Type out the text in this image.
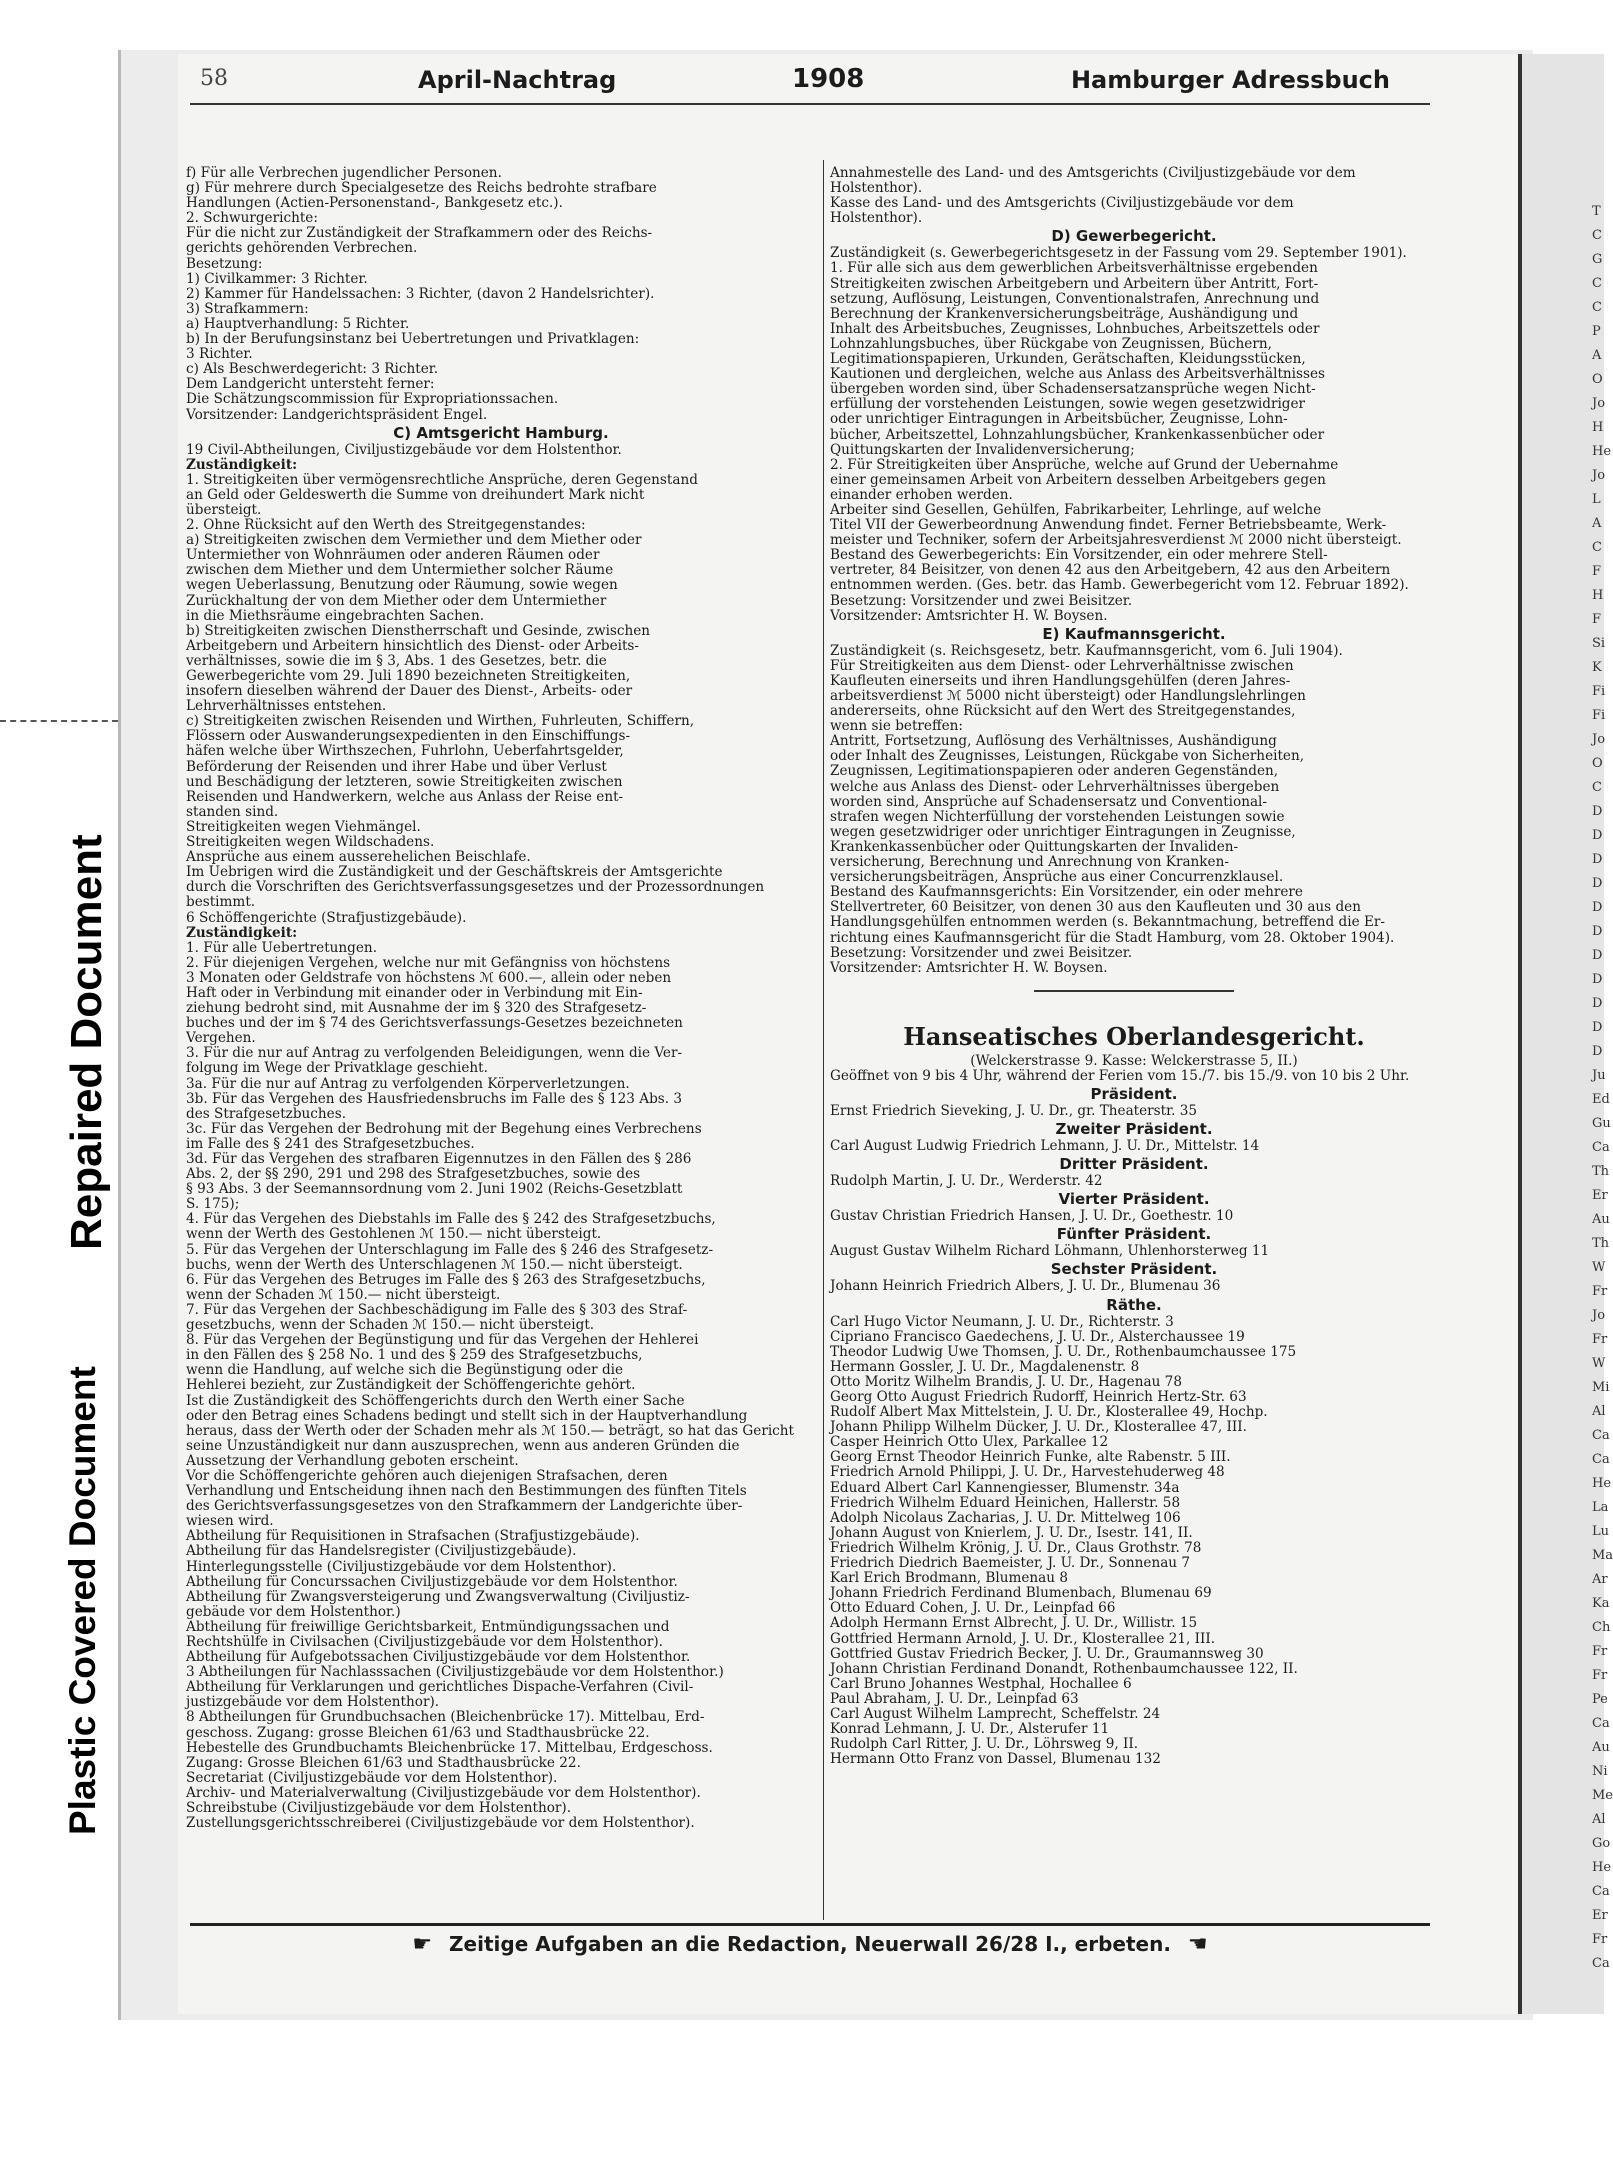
Repaired Document
Plastic Covered Document
T
C
G
C
C
P
A
O
Jo
H
He
Jo
L
A
C
F
H
F
Si
K
Fi
Fi
Jo
O
C
D
D
D
D
D
D
D
D
D
D
D
Ju
Ed
Gu
Ca
Th
Er
Au
Th
W
Fr
Jo
Fr
W
Mi
Al
Ca
Ca
He
La
Lu
Ma
Ar
Ka
Ch
Fr
Fr
Pe
Ca
Au
Ni
Me
Al
Go
He
Ca
Er
Fr
Ca
58	April-Nachtrag	1908	Hamburger Adressbuch
f) Für alle Verbrechen jugendlicher Personen.
g) Für mehrere durch Specialgesetze des Reichs bedrohte strafbare
Handlungen (Actien-Personenstand-, Bankgesetz etc.).
2. Schwurgerichte:
Für die nicht zur Zuständigkeit der Strafkammern oder des Reichs-
gerichts gehörenden Verbrechen.
Besetzung:
1) Civilkammer: 3 Richter.
2) Kammer für Handelssachen: 3 Richter, (davon 2 Handelsrichter).
3) Strafkammern:
a) Hauptverhandlung: 5 Richter.
b) In der Berufungsinstanz bei Uebertretungen und Privatklagen:
3 Richter.
c) Als Beschwerdegericht: 3 Richter.
Dem Landgericht untersteht ferner:
Die Schätzungscommission für Expropriationssachen.
Vorsitzender: Landgerichtspräsident Engel.
C) Amtsgericht Hamburg.
19 Civil-Abtheilungen, Civiljustizgebäude vor dem Holstenthor.
Zuständigkeit:
1. Streitigkeiten über vermögensrechtliche Ansprüche, deren Gegenstand
an Geld oder Geldeswerth die Summe von dreihundert Mark nicht
übersteigt.
2. Ohne Rücksicht auf den Werth des Streitgegenstandes:
a) Streitigkeiten zwischen dem Vermiether und dem Miether oder
Untermiether von Wohnräumen oder anderen Räumen oder
zwischen dem Miether und dem Untermiether solcher Räume
wegen Ueberlassung, Benutzung oder Räumung, sowie wegen
Zurückhaltung der von dem Miether oder dem Untermiether
in die Miethsräume eingebrachten Sachen.
b) Streitigkeiten zwischen Dienstherrschaft und Gesinde, zwischen
Arbeitgebern und Arbeitern hinsichtlich des Dienst- oder Arbeits-
verhältnisses, sowie die im § 3, Abs. 1 des Gesetzes, betr. die
Gewerbegerichte vom 29. Juli 1890 bezeichneten Streitigkeiten,
insofern dieselben während der Dauer des Dienst-, Arbeits- oder
Lehrverhältnisses entstehen.
c) Streitigkeiten zwischen Reisenden und Wirthen, Fuhrleuten, Schiffern,
Flössern oder Auswanderungsexpedienten in den Einschiffungs-
häfen welche über Wirthszechen, Fuhrlohn, Ueberfahrtsgelder,
Beförderung der Reisenden und ihrer Habe und über Verlust
und Beschädigung der letzteren, sowie Streitigkeiten zwischen
Reisenden und Handwerkern, welche aus Anlass der Reise ent-
standen sind.
Streitigkeiten wegen Viehmängel.
Streitigkeiten wegen Wildschadens.
Ansprüche aus einem ausserehelichen Beischlafe.
Im Uebrigen wird die Zuständigkeit und der Geschäftskreis der Amtsgerichte
durch die Vorschriften des Gerichtsverfassungsgesetzes und der Prozessordnungen
bestimmt.
6 Schöffengerichte (Strafjustizgebäude).
Zuständigkeit:
1. Für alle Uebertretungen.
2. Für diejenigen Vergehen, welche nur mit Gefängniss von höchstens
3 Monaten oder Geldstrafe von höchstens ℳ 600.—, allein oder neben
Haft oder in Verbindung mit einander oder in Verbindung mit Ein-
ziehung bedroht sind, mit Ausnahme der im § 320 des Strafgesetz-
buches und der im § 74 des Gerichtsverfassungs-Gesetzes bezeichneten
Vergehen.
3. Für die nur auf Antrag zu verfolgenden Beleidigungen, wenn die Ver-
folgung im Wege der Privatklage geschieht.
3a. Für die nur auf Antrag zu verfolgenden Körperverletzungen.
3b. Für das Vergehen des Hausfriedensbruchs im Falle des § 123 Abs. 3
des Strafgesetzbuches.
3c. Für das Vergehen der Bedrohung mit der Begehung eines Verbrechens
im Falle des § 241 des Strafgesetzbuches.
3d. Für das Vergehen des strafbaren Eigennutzes in den Fällen des § 286
Abs. 2, der §§ 290, 291 und 298 des Strafgesetzbuches, sowie des
§ 93 Abs. 3 der Seemannsordnung vom 2. Juni 1902 (Reichs-Gesetzblatt
S. 175);
4. Für das Vergehen des Diebstahls im Falle des § 242 des Strafgesetzbuchs,
wenn der Werth des Gestohlenen ℳ 150.— nicht übersteigt.
5. Für das Vergehen der Unterschlagung im Falle des § 246 des Strafgesetz-
buchs, wenn der Werth des Unterschlagenen ℳ 150.— nicht übersteigt.
6. Für das Vergehen des Betruges im Falle des § 263 des Strafgesetzbuchs,
wenn der Schaden ℳ 150.— nicht übersteigt.
7. Für das Vergehen der Sachbeschädigung im Falle des § 303 des Straf-
gesetzbuchs, wenn der Schaden ℳ 150.— nicht übersteigt.
8. Für das Vergehen der Begünstigung und für das Vergehen der Hehlerei
in den Fällen des § 258 No. 1 und des § 259 des Strafgesetzbuchs,
wenn die Handlung, auf welche sich die Begünstigung oder die
Hehlerei bezieht, zur Zuständigkeit der Schöffengerichte gehört.
Ist die Zuständigkeit des Schöffengerichts durch den Werth einer Sache
oder den Betrag eines Schadens bedingt und stellt sich in der Hauptverhandlung
heraus, dass der Werth oder der Schaden mehr als ℳ 150.— beträgt, so hat das Gericht
seine Unzuständigkeit nur dann auszusprechen, wenn aus anderen Gründen die
Aussetzung der Verhandlung geboten erscheint.
Vor die Schöffengerichte gehören auch diejenigen Strafsachen, deren
Verhandlung und Entscheidung ihnen nach den Bestimmungen des fünften Titels
des Gerichtsverfassungsgesetzes von den Strafkammern der Landgerichte über-
wiesen wird.
Abtheilung für Requisitionen in Strafsachen (Strafjustizgebäude).
Abtheilung für das Handelsregister (Civiljustizgebäude).
Hinterlegungsstelle (Civiljustizgebäude vor dem Holstenthor).
Abtheilung für Concurssachen Civiljustizgebäude vor dem Holstenthor.
Abtheilung für Zwangsversteigerung und Zwangsverwaltung (Civiljustiz-
gebäude vor dem Holstenthor.)
Abtheilung für freiwillige Gerichtsbarkeit, Entmündigungssachen und
Rechtshülfe in Civilsachen (Civiljustizgebäude vor dem Holstenthor).
Abtheilung für Aufgebotssachen Civiljustizgebäude vor dem Holstenthor.
3 Abtheilungen für Nachlasssachen (Civiljustizgebäude vor dem Holstenthor.)
Abtheilung für Verklarungen und gerichtliches Dispache-Verfahren (Civil-
justizgebäude vor dem Holstenthor).
8 Abtheilungen für Grundbuchsachen (Bleichenbrücke 17). Mittelbau, Erd-
geschoss. Zugang: grosse Bleichen 61/63 und Stadthausbrücke 22.
Hebestelle des Grundbuchamts Bleichenbrücke 17. Mittelbau, Erdgeschoss.
Zugang: Grosse Bleichen 61/63 und Stadthausbrücke 22.
Secretariat (Civiljustizgebäude vor dem Holstenthor).
Archiv- und Materialverwaltung (Civiljustizgebäude vor dem Holstenthor).
Schreibstube (Civiljustizgebäude vor dem Holstenthor).
Zustellungsgerichtsschreiberei (Civiljustizgebäude vor dem Holstenthor).
Annahmestelle des Land- und des Amtsgerichts (Civiljustizgebäude vor dem
Holstenthor).
Kasse des Land- und des Amtsgerichts (Civiljustizgebäude vor dem
Holstenthor).
D) Gewerbegericht.
Zuständigkeit (s. Gewerbegerichtsgesetz in der Fassung vom 29. September 1901).
1. Für alle sich aus dem gewerblichen Arbeitsverhältnisse ergebenden
Streitigkeiten zwischen Arbeitgebern und Arbeitern über Antritt, Fort-
setzung, Auflösung, Leistungen, Conventionalstrafen, Anrechnung und
Berechnung der Krankenversicherungsbeiträge, Aushändigung und
Inhalt des Arbeitsbuches, Zeugnisses, Lohnbuches, Arbeitszettels oder
Lohnzahlungsbuches, über Rückgabe von Zeugnissen, Büchern,
Legitimationspapieren, Urkunden, Gerätschaften, Kleidungsstücken,
Kautionen und dergleichen, welche aus Anlass des Arbeitsverhältnisses
übergeben worden sind, über Schadensersatzansprüche wegen Nicht-
erfüllung der vorstehenden Leistungen, sowie wegen gesetzwidriger
oder unrichtiger Eintragungen in Arbeitsbücher, Zeugnisse, Lohn-
bücher, Arbeitszettel, Lohnzahlungsbücher, Krankenkassenbücher oder
Quittungskarten der Invalidenversicherung;
2. Für Streitigkeiten über Ansprüche, welche auf Grund der Uebernahme
einer gemeinsamen Arbeit von Arbeitern desselben Arbeitgebers gegen
einander erhoben werden.
Arbeiter sind Gesellen, Gehülfen, Fabrikarbeiter, Lehrlinge, auf welche
Titel VII der Gewerbeordnung Anwendung findet. Ferner Betriebsbeamte, Werk-
meister und Techniker, sofern der Arbeitsjahresverdienst ℳ 2000 nicht übersteigt.
Bestand des Gewerbegerichts: Ein Vorsitzender, ein oder mehrere Stell-
vertreter, 84 Beisitzer, von denen 42 aus den Arbeitgebern, 42 aus den Arbeitern
entnommen werden. (Ges. betr. das Hamb. Gewerbegericht vom 12. Februar 1892).
Besetzung: Vorsitzender und zwei Beisitzer.
Vorsitzender: Amtsrichter H. W. Boysen.
E) Kaufmannsgericht.
Zuständigkeit (s. Reichsgesetz, betr. Kaufmannsgericht, vom 6. Juli 1904).
Für Streitigkeiten aus dem Dienst- oder Lehrverhältnisse zwischen
Kaufleuten einerseits und ihren Handlungsgehülfen (deren Jahres-
arbeitsverdienst ℳ 5000 nicht übersteigt) oder Handlungslehrlingen
andererseits, ohne Rücksicht auf den Wert des Streitgegenstandes,
wenn sie betreffen:
Antritt, Fortsetzung, Auflösung des Verhältnisses, Aushändigung
oder Inhalt des Zeugnisses, Leistungen, Rückgabe von Sicherheiten,
Zeugnissen, Legitimationspapieren oder anderen Gegenständen,
welche aus Anlass des Dienst- oder Lehrverhältnisses übergeben
worden sind, Ansprüche auf Schadensersatz und Conventional-
strafen wegen Nichterfüllung der vorstehenden Leistungen sowie
wegen gesetzwidriger oder unrichtiger Eintragungen in Zeugnisse,
Krankenkassenbücher oder Quittungskarten der Invaliden-
versicherung, Berechnung und Anrechnung von Kranken-
versicherungsbeiträgen, Ansprüche aus einer Concurrenzklausel.
Bestand des Kaufmannsgerichts: Ein Vorsitzender, ein oder mehrere
Stellvertreter, 60 Beisitzer, von denen 30 aus den Kaufleuten und 30 aus den
Handlungsgehülfen entnommen werden (s. Bekanntmachung, betreffend die Er-
richtung eines Kaufmannsgericht für die Stadt Hamburg, vom 28. Oktober 1904).
Besetzung: Vorsitzender und zwei Beisitzer.
Vorsitzender: Amtsrichter H. W. Boysen.
Hanseatisches Oberlandesgericht.
(Welckerstrasse 9. Kasse: Welckerstrasse 5, II.)
Geöffnet von 9 bis 4 Uhr, während der Ferien vom 15./7. bis 15./9. von 10 bis 2 Uhr.
Präsident.
Ernst Friedrich Sieveking, J. U. Dr., gr. Theaterstr. 35
Zweiter Präsident.
Carl August Ludwig Friedrich Lehmann, J. U. Dr., Mittelstr. 14
Dritter Präsident.
Rudolph Martin, J. U. Dr., Werderstr. 42
Vierter Präsident.
Gustav Christian Friedrich Hansen, J. U. Dr., Goethestr. 10
Fünfter Präsident.
August Gustav Wilhelm Richard Löhmann, Uhlenhorsterweg 11
Sechster Präsident.
Johann Heinrich Friedrich Albers, J. U. Dr., Blumenau 36
Räthe.
Carl Hugo Victor Neumann, J. U. Dr., Richterstr. 3
Cipriano Francisco Gaedechens, J. U. Dr., Alsterchaussee 19
Theodor Ludwig Uwe Thomsen, J. U. Dr., Rothenbaumchaussee 175
Hermann Gossler, J. U. Dr., Magdalenenstr. 8
Otto Moritz Wilhelm Brandis, J. U. Dr., Hagenau 78
Georg Otto August Friedrich Rudorff, Heinrich Hertz-Str. 63
Rudolf Albert Max Mittelstein, J. U. Dr., Klosterallee 49, Hochp.
Johann Philipp Wilhelm Dücker, J. U. Dr., Klosterallee 47, III.
Casper Heinrich Otto Ulex, Parkallee 12
Georg Ernst Theodor Heinrich Funke, alte Rabenstr. 5 III.
Friedrich Arnold Philippi, J. U. Dr., Harvestehuderweg 48
Eduard Albert Carl Kannengiesser, Blumenstr. 34a
Friedrich Wilhelm Eduard Heinichen, Hallerstr. 58
Adolph Nicolaus Zacharias, J. U. Dr. Mittelweg 106
Johann August von Knierlem, J. U. Dr., Isestr. 141, II.
Friedrich Wilhelm Krönig, J. U. Dr., Claus Grothstr. 78
Friedrich Diedrich Baemeister, J. U. Dr., Sonnenau 7
Karl Erich Brodmann, Blumenau 8
Johann Friedrich Ferdinand Blumenbach, Blumenau 69
Otto Eduard Cohen, J. U. Dr., Leinpfad 66
Adolph Hermann Ernst Albrecht, J. U. Dr., Willistr. 15
Gottfried Hermann Arnold, J. U. Dr., Klosterallee 21, III.
Gottfried Gustav Friedrich Becker, J. U. Dr., Graumannsweg 30
Johann Christian Ferdinand Donandt, Rothenbaumchaussee 122, II.
Carl Bruno Johannes Westphal, Hochallee 6
Paul Abraham, J. U. Dr., Leinpfad 63
Carl August Wilhelm Lamprecht, Scheffelstr. 24
Konrad Lehmann, J. U. Dr., Alsterufer 11
Rudolph Carl Ritter, J. U. Dr., Löhrsweg 9, II.
Hermann Otto Franz von Dassel, Blumenau 132
☛ Zeitige Aufgaben an die Redaction, Neuerwall 26/28 I., erbeten. ☚
